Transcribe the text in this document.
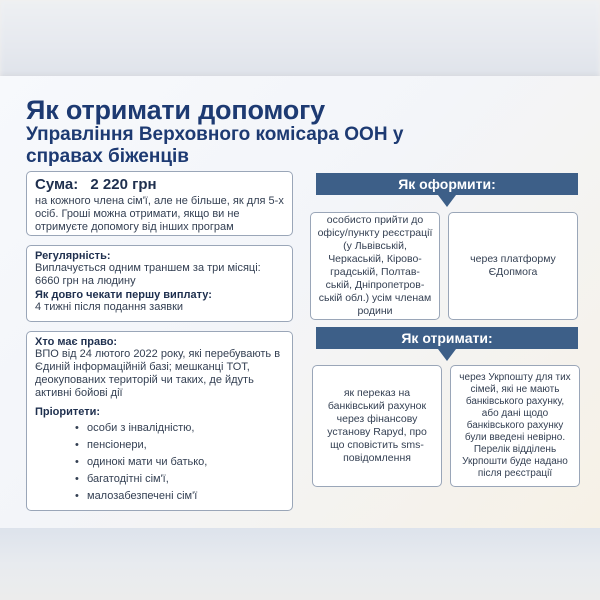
Як отримати допомогу
Управління Верховного комісара ООН у справах біженців
Сума: 2 220 грн
на кожного члена сім'ї, але не більше, як для 5-х осіб. Гроші можна отримати, якщо ви не отримуєте допомогу від інших програм
Регулярність:
Виплачується одним траншем за три місяці: 6660 грн на людину
Як довго чекати першу виплату:
4 тижні після подання заявки
Хто має право:
ВПО від 24 лютого 2022 року, які перебувають в Єдиній інформаційній базі; мешканці ТОТ, деокупованих територій чи таких, де йдуть активні бойові дії
Пріоритети:
• особи з інвалідністю,
• пенсіонери,
• одинокі мати чи батько,
• багатодітні сім'ї,
• малозабезпечені сім'ї
Як оформити:
особисто прийти до офісу/пункту реєстрації (у Львівській, Черкаській, Кірово-градській, Полтав-ській, Дніпропетров-ській обл.) усім членам родини
через платформу ЄДопмога
Як отримати:
як переказ на банківський рахунок через фінансову установу Rapyd, про що сповістить sms-повідомлення
через Укрпошту для тих сімей, які не мають банківського рахунку, або дані щодо банківського рахунку були введені невірно. Перелік відділень Укрпошти буде надано після реєстрації
